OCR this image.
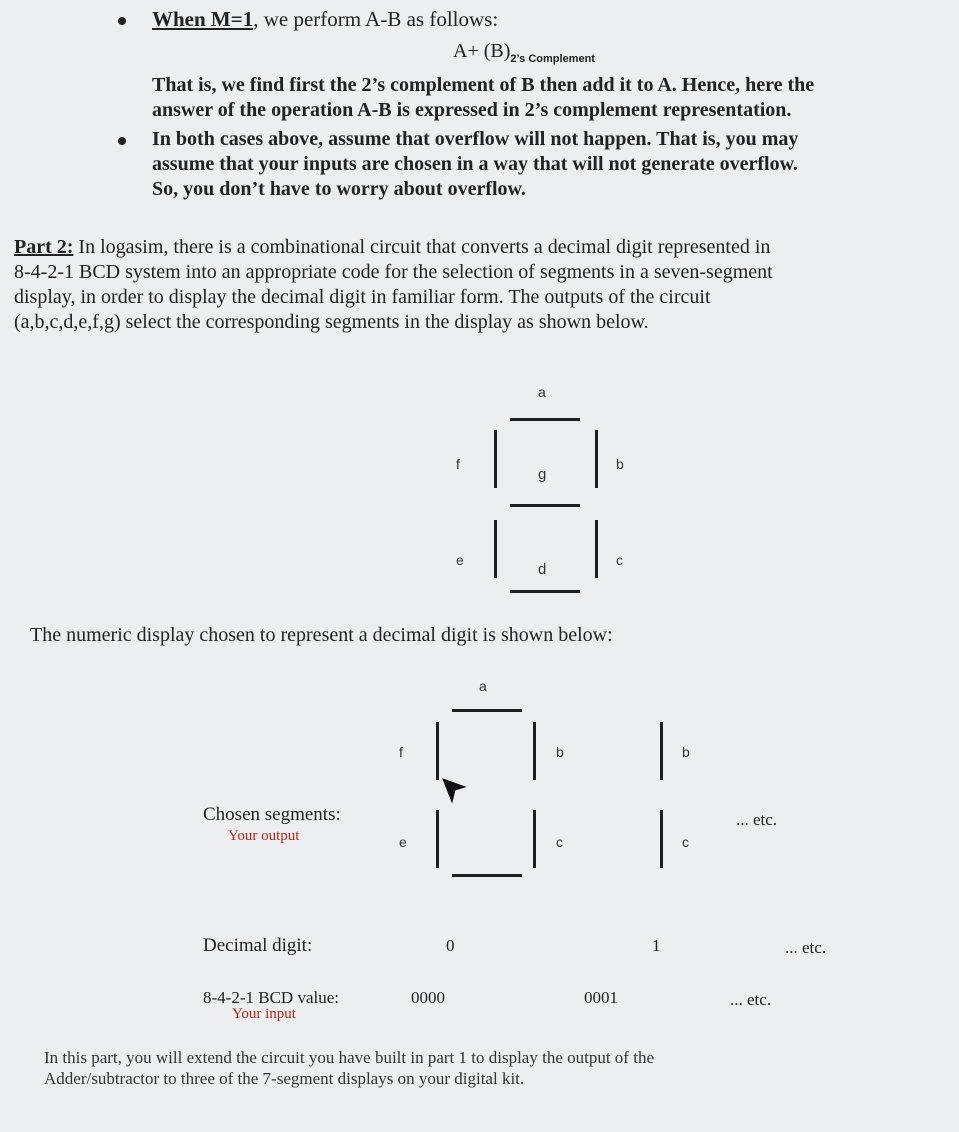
When M=1, we perform A-B as follows:
$A+ (B)_{2’s Complement}$
That is, we find first the 2’s complement of B then add it to A. Hence, here the
answer of the operation A-B is expressed in 2’s complement representation.
In both cases above, assume that overflow will not happen. That is, you may
assume that your inputs are chosen in a way that will not generate overflow.
So, you don’t have to worry about overflow.
Part 2: In logasim, there is a combinational circuit that converts a decimal digit represented in
8-4-2-1 BCD system into an appropriate code for the selection of segments in a seven-segment
display, in order to display the decimal digit in familiar form. The outputs of the circuit
(a,b,c,d,e,f,g) select the corresponding segments in the display as shown below.
a
f
g
b
e
d
c
The numeric display chosen to represent a decimal digit is shown below:
a
f	b
e	c
b
c
Chosen segments:
Your output
... etc.
Decimal digit:	0	1	... etc.
8-4-2-1 BCD value:	0000	0001	... etc.
Your input
In this part, you will extend the circuit you have built in part 1 to display the output of the
Adder/subtractor to three of the 7-segment displays on your digital kit.
